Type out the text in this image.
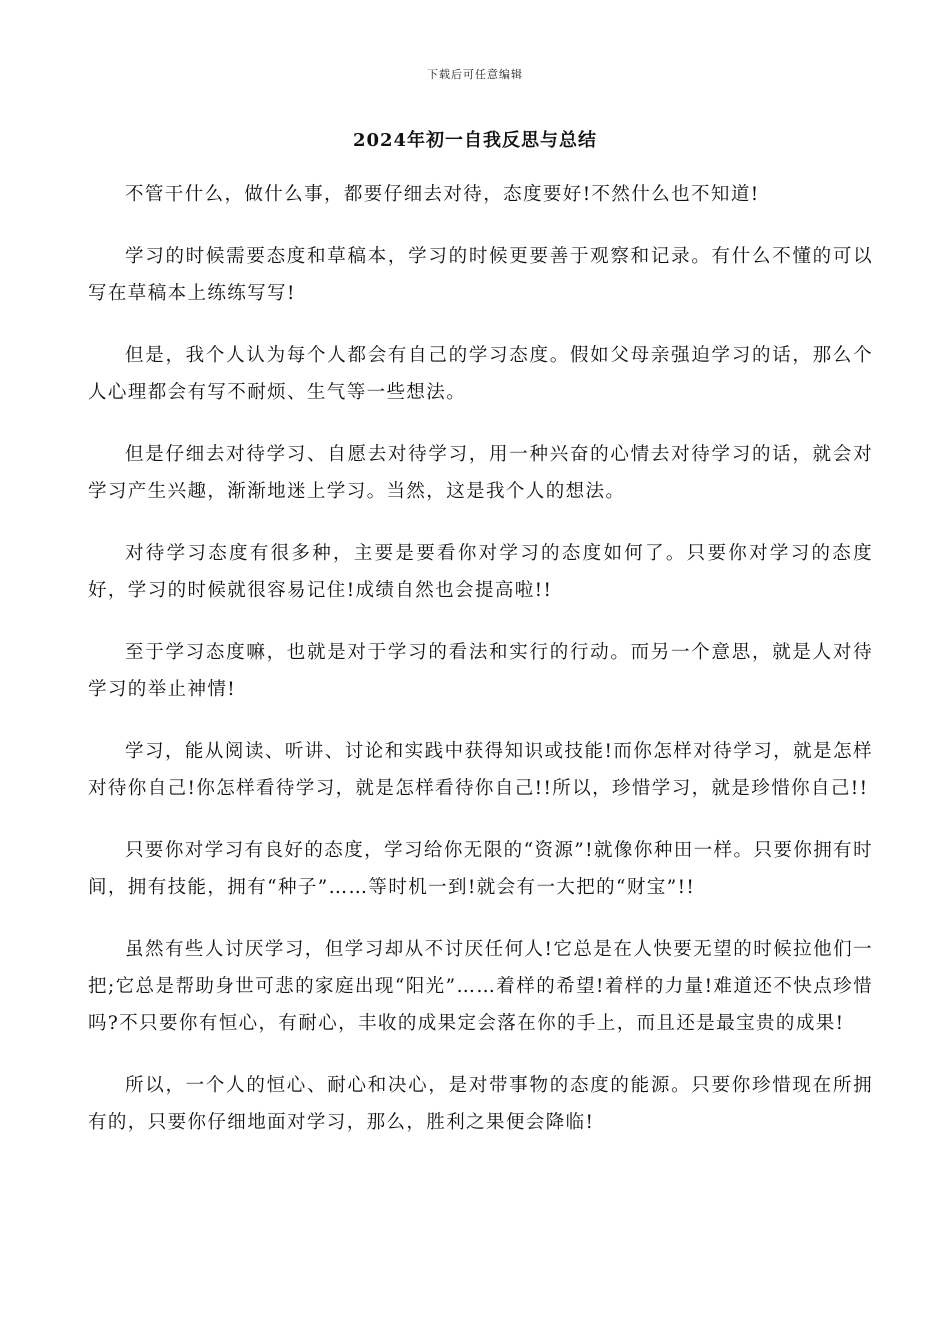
下载后可任意编辑
2024年初一自我反思与总结

不管干什么，做什么事，都要仔细去对待，态度要好!不然什么也不知道!

学习的时候需要态度和草稿本，学习的时候更要善于观察和记录。有什么不懂的可以写在草稿本上练练写写!

但是，我个人认为每个人都会有自己的学习态度。假如父母亲强迫学习的话，那么个人心理都会有写不耐烦、生气等一些想法。

但是仔细去对待学习、自愿去对待学习，用一种兴奋的心情去对待学习的话，就会对学习产生兴趣，渐渐地迷上学习。当然，这是我个人的想法。

对待学习态度有很多种，主要是要看你对学习的态度如何了。只要你对学习的态度好，学习的时候就很容易记住!成绩自然也会提高啦!!

至于学习态度嘛，也就是对于学习的看法和实行的行动。而另一个意思，就是人对待学习的举止神情!

学习，能从阅读、听讲、讨论和实践中获得知识或技能!而你怎样对待学习，就是怎样对待你自己!你怎样看待学习，就是怎样看待你自己!!所以，珍惜学习，就是珍惜你自己!!

只要你对学习有良好的态度，学习给你无限的“资源”!就像你种田一样。只要你拥有时间，拥有技能，拥有“种子”……等时机一到!就会有一大把的“财宝”!!

虽然有些人讨厌学习，但学习却从不讨厌任何人!它总是在人快要无望的时候拉他们一把;它总是帮助身世可悲的家庭出现“阳光”……着样的希望!着样的力量!难道还不快点珍惜吗?不只要你有恒心，有耐心，丰收的成果定会落在你的手上，而且还是最宝贵的成果!

所以，一个人的恒心、耐心和决心，是对带事物的态度的能源。只要你珍惜现在所拥有的，只要你仔细地面对学习，那么，胜利之果便会降临!
